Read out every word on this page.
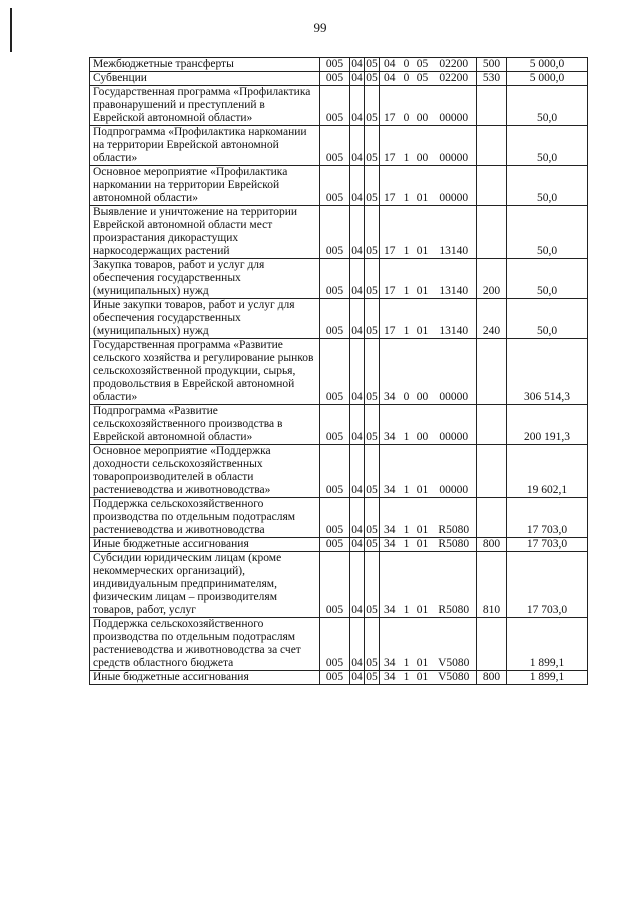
99
Межбюджетные трансферты	005	04	05	04	0	05	02200	500	5 000,0
Субвенции	005	04	05	04	0	05	02200	530	5 000,0
Государственная программа «Профилактика правонарушений и преступлений в Еврейской автономной области»	005	04	05	17	0	00	00000		50,0
Подпрограмма «Профилактика наркомании на территории Еврейской автономной области»	005	04	05	17	1	00	00000		50,0
Основное мероприятие «Профилактика наркомании на территории Еврейской автономной области»	005	04	05	17	1	01	00000		50,0
Выявление и уничтожение на территории Еврейской автономной области мест произрастания дикорастущих наркосодержащих растений	005	04	05	17	1	01	13140		50,0
Закупка товаров, работ и услуг для обеспечения государственных (муниципальных) нужд	005	04	05	17	1	01	13140	200	50,0
Иные закупки товаров, работ и услуг для обеспечения государственных (муниципальных) нужд	005	04	05	17	1	01	13140	240	50,0
Государственная программа «Развитие сельского хозяйства и регулирование рынков сельскохозяйственной продукции, сырья, продовольствия в Еврейской автономной области»	005	04	05	34	0	00	00000		306 514,3
Подпрограмма «Развитие сельскохозяйственного производства в Еврейской автономной области»	005	04	05	34	1	00	00000		200 191,3
Основное мероприятие «Поддержка доходности сельскохозяйственных товаропроизводителей в области растениеводства и животноводства»	005	04	05	34	1	01	00000		19 602,1
Поддержка сельскохозяйственного производства по отдельным подотраслям растениеводства и животноводства	005	04	05	34	1	01	R5080		17 703,0
Иные бюджетные ассигнования	005	04	05	34	1	01	R5080	800	17 703,0
Субсидии юридическим лицам (кроме некоммерческих организаций), индивидуальным предпринимателям, физическим лицам – производителям товаров, работ, услуг	005	04	05	34	1	01	R5080	810	17 703,0
Поддержка сельскохозяйственного производства по отдельным подотраслям растениеводства и животноводства за счет средств областного бюджета	005	04	05	34	1	01	V5080		1 899,1
Иные бюджетные ассигнования	005	04	05	34	1	01	V5080	800	1 899,1
